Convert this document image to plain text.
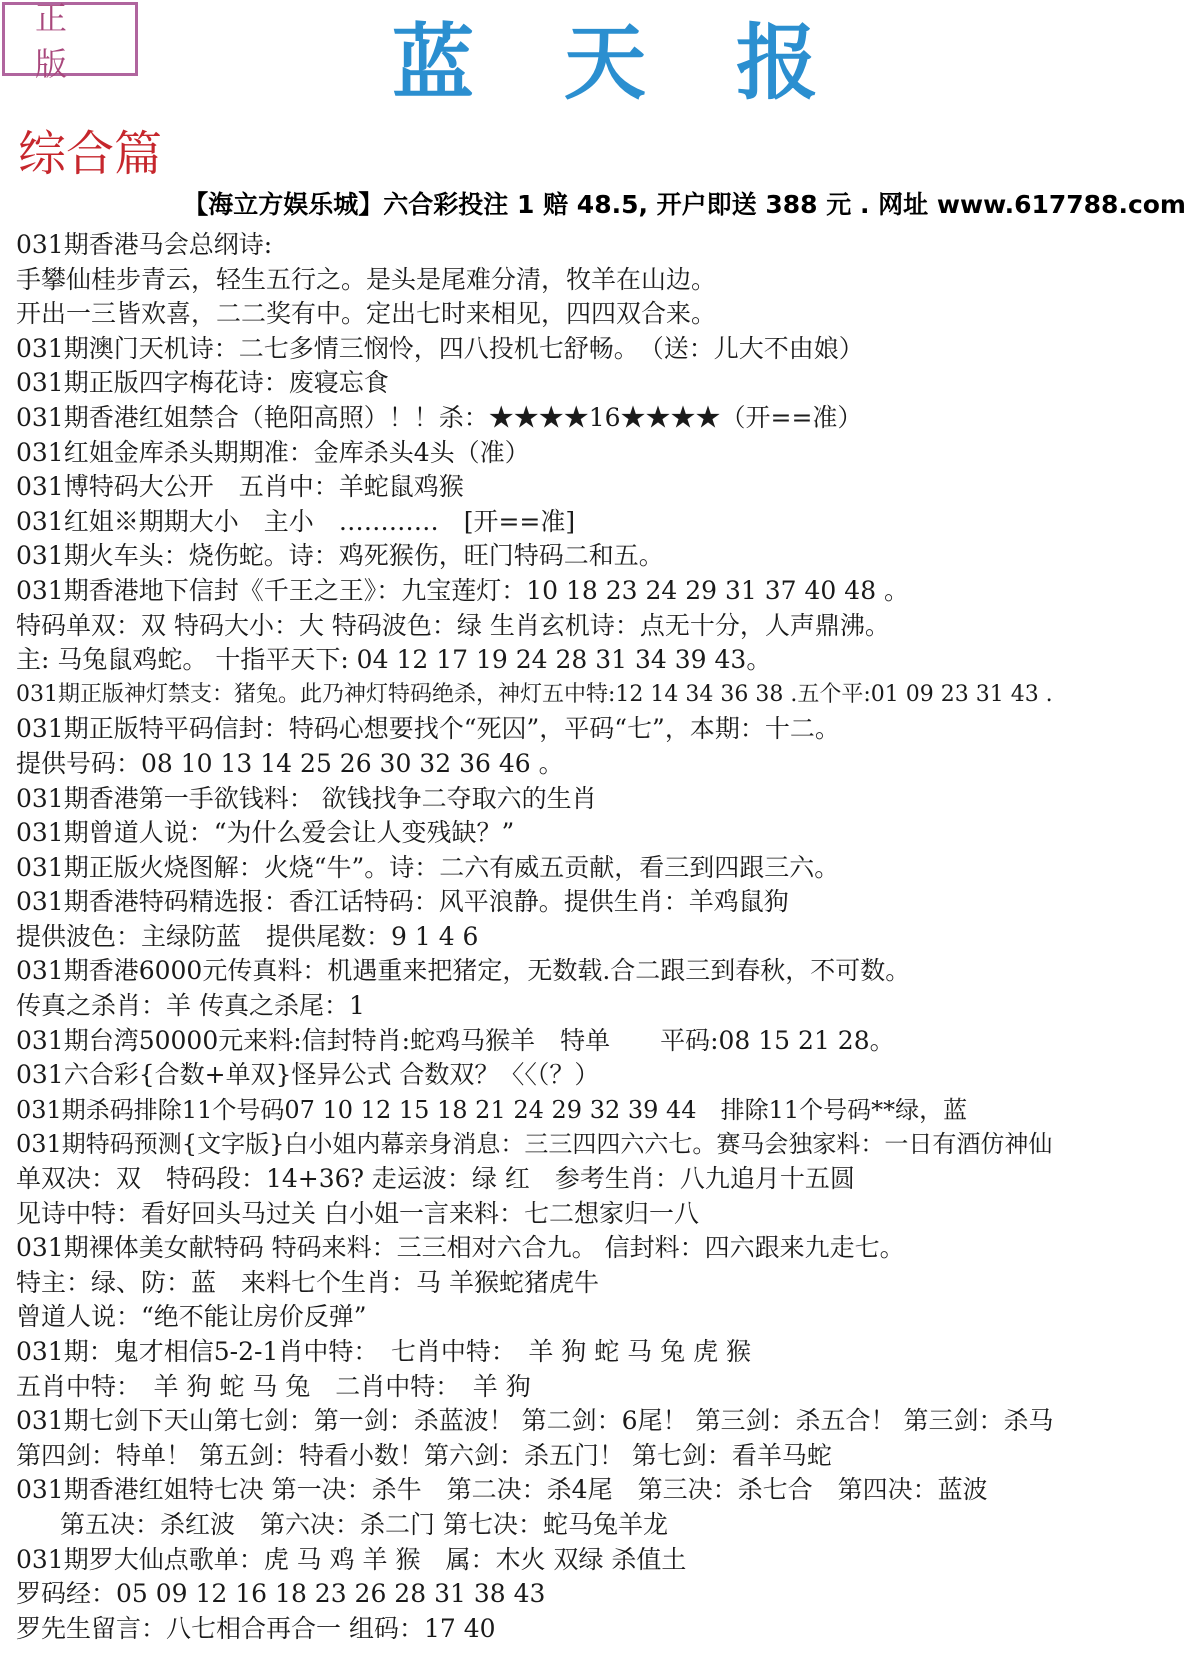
正 版	蓝天报
综合篇
【海立方娱乐城】六合彩投注 1 赔 48.5, 开户即送 388 元 . 网址 www.617788.com
031期香港马会总纲诗:
手攀仙桂步青云，轻生五行之。是头是尾难分清，牧羊在山边。
开出一三皆欢喜，二二奖有中。定出七时来相见，四四双合来。
031期澳门天机诗：二七多情三悯怜，四八投机七舒畅。　（送：儿大不由娘）
031期正版四字梅花诗：废寝忘食
031期香港红姐禁合（艳阳高照）！！杀：★★★★16★★★★（开==准）
031红姐金库杀头期期准：金库杀头4头（准）
031博特码大公开　五肖中：羊蛇鼠鸡猴
031红姐※期期大小　主小　…………　[开==准]
031期火车头：烧伤蛇。诗：鸡死猴伤，旺门特码二和五。
031期香港地下信封《千王之王》：九宝莲灯：10 18 23 24 29 31 37 40 48 。
特码单双：双 特码大小：大 特码波色：绿 生肖玄机诗：点无十分，人声鼎沸。
主: 马兔鼠鸡蛇。 十指平天下: 04 12 17 19 24 28 31 34 39 43。
031期正版神灯禁支：猪兔。此乃神灯特码绝杀，神灯五中特:12 14 34 36 38 .五个平:01 09 23 31 43 .
031期正版特平码信封：特码心想要找个“死囚”，平码“七”，本期：十二。
提供号码：08 10 13 14 25 26 30 32 36 46 。
031期香港第一手欲钱料： 欲钱找争二夺取六的生肖
031期曾道人说：“为什么爱会让人变残缺？”
031期正版火烧图解：火烧“牛”。诗：二六有威五贡献，看三到四跟三六。
031期香港特码精选报：香江话特码：风平浪静。提供生肖：羊鸡鼠狗
提供波色：主绿防蓝　提供尾数：9 1 4 6
031期香港6000元传真料：机遇重来把猪定，无数载.合二跟三到春秋，不可数。
传真之杀肖：羊 传真之杀尾：1
031期台湾50000元来料:信封特肖:蛇鸡马猴羊　特单　　平码:08 15 21 28。
031六合彩{合数+单双}怪异公式 合数双？〈〈（？）
031期杀码排除11个号码07 10 12 15 18 21 24 29 32 39 44　排除11个号码**绿，蓝
031期特码预测{文字版}白小姐内幕亲身消息：三三四四六六七。赛马会独家料：一日有酒仿神仙
单双决：双　特码段：14+36? 走运波：绿 红　参考生肖：八九追月十五圆
见诗中特：看好回头马过关 白小姐一言来料：七二想家归一八
031期裸体美女献特码 特码来料：三三相对六合九。 信封料：四六跟来九走七。
特主：绿、防：蓝　来料七个生肖：马 羊猴蛇猪虎牛
曾道人说：“绝不能让房价反弹”
031期：鬼才相信5-2-1肖中特：　七肖中特：　羊 狗 蛇 马 兔 虎 猴
五肖中特：　羊 狗 蛇 马 兔　二肖中特：　羊 狗
031期七剑下天山第七剑：第一剑：杀蓝波！ 第二剑：6尾！ 第三剑：杀五合！ 第三剑：杀马
第四剑：特单！ 第五剑：特看小数！第六剑：杀五门！ 第七剑：看羊马蛇
031期香港红姐特七决 第一决：杀牛　第二决：杀4尾　第三决：杀七合　第四决：蓝波
第五决：杀红波　第六决：杀二门 第七决：蛇马兔羊龙
031期罗大仙点歌单：虎 马 鸡 羊 猴　属：木火 双绿 杀值土
罗码经：05 09 12 16 18 23 26 28 31 38 43
罗先生留言：八七相合再合一 组码：17 40
